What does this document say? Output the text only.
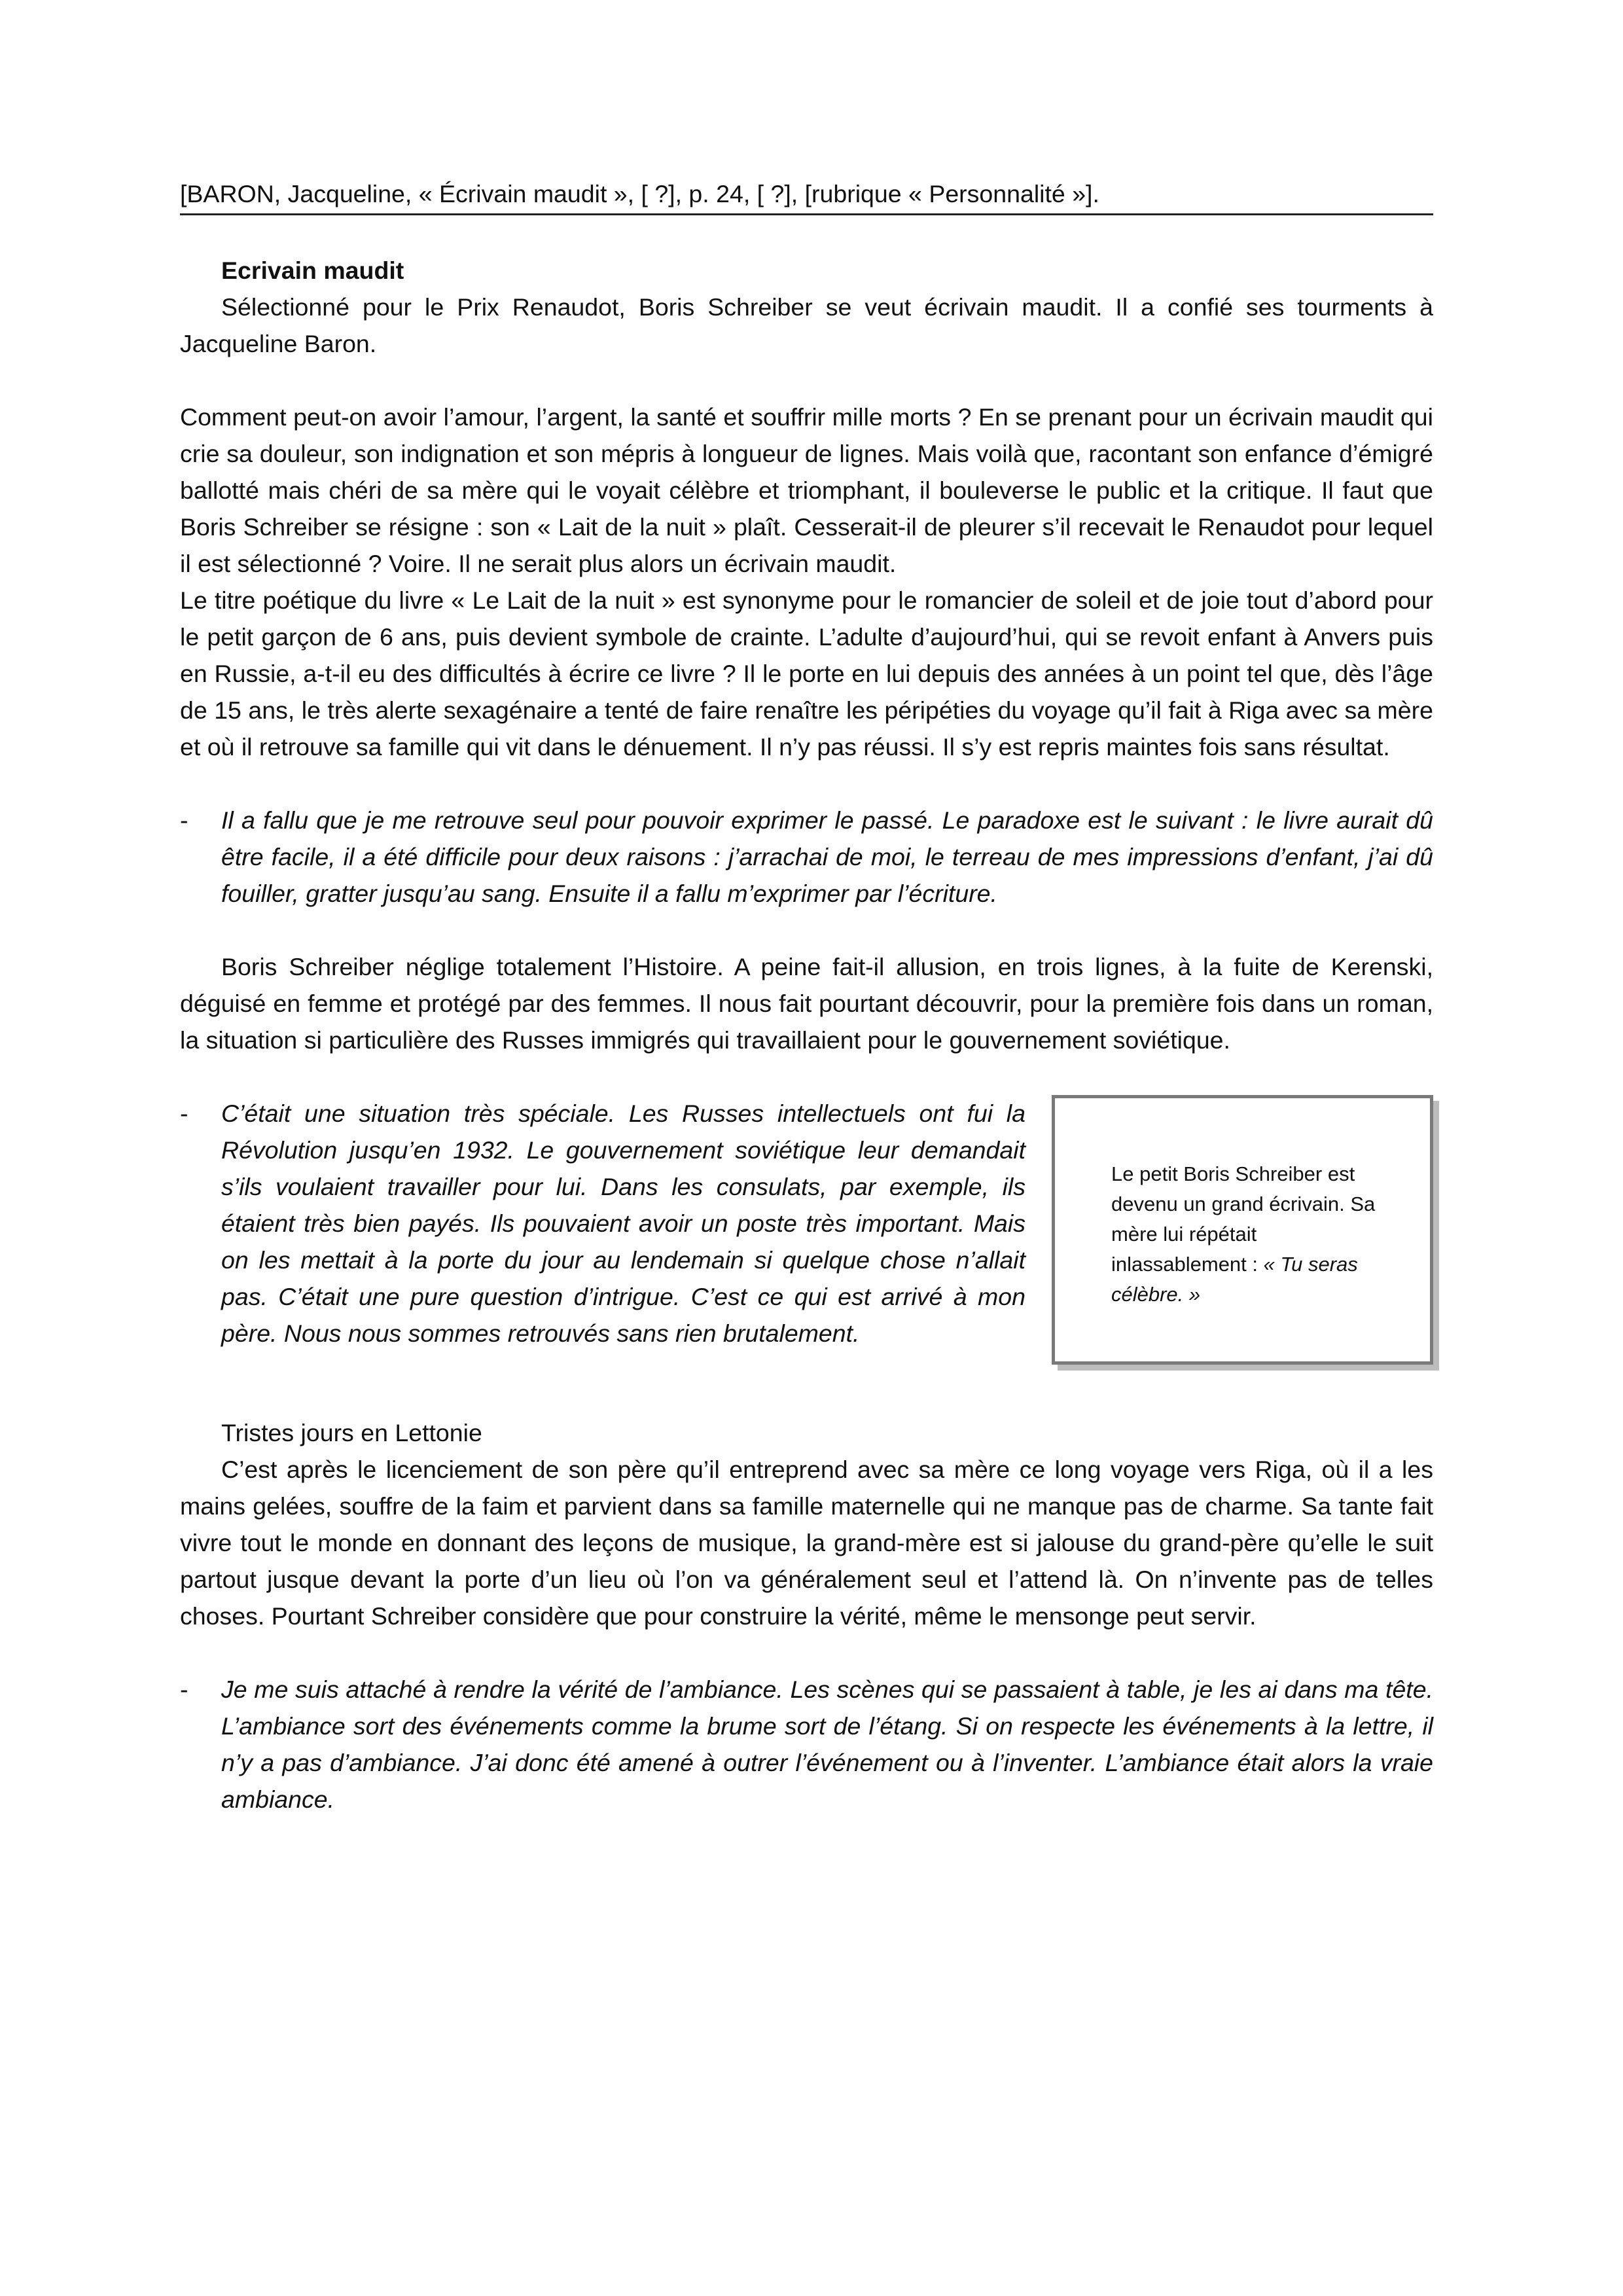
[BARON, Jacqueline, « Écrivain maudit », [ ?], p. 24, [ ?], [rubrique « Personnalité »].

Ecrivain maudit

Sélectionné pour le Prix Renaudot, Boris Schreiber se veut écrivain maudit. Il a confié ses tourments à Jacqueline Baron.

Comment peut-on avoir l’amour, l’argent, la santé et souffrir mille morts ? En se prenant pour un écrivain maudit qui crie sa douleur, son indignation et son mépris à longueur de lignes. Mais voilà que, racontant son enfance d’émigré ballotté mais chéri de sa mère qui le voyait célèbre et triomphant, il bouleverse le public et la critique. Il faut que Boris Schreiber se résigne : son « Lait de la nuit » plaît. Cesserait-il de pleurer s’il recevait le Renaudot pour lequel il est sélectionné ? Voire. Il ne serait plus alors un écrivain maudit.

Le titre poétique du livre « Le Lait de la nuit » est synonyme pour le romancier de soleil et de joie tout d’abord pour le petit garçon de 6 ans, puis devient symbole de crainte. L’adulte d’aujourd’hui, qui se revoit enfant à Anvers puis en Russie, a-t-il eu des difficultés à écrire ce livre ? Il le porte en lui depuis des années à un point tel que, dès l’âge de 15 ans, le très alerte sexagénaire a tenté de faire renaître les péripéties du voyage qu’il fait à Riga avec sa mère et où il retrouve sa famille qui vit dans le dénuement. Il n’y pas réussi. Il s’y est repris maintes fois sans résultat.

- Il a fallu que je me retrouve seul pour pouvoir exprimer le passé. Le paradoxe est le suivant : le livre aurait dû être facile, il a été difficile pour deux raisons : j’arrachai de moi, le terreau de mes impressions d’enfant, j’ai dû fouiller, gratter jusqu’au sang. Ensuite il a fallu m’exprimer par l’écriture.

Boris Schreiber néglige totalement l’Histoire. A peine fait-il allusion, en trois lignes, à la fuite de Kerenski, déguisé en femme et protégé par des femmes. Il nous fait pourtant découvrir, pour la première fois dans un roman, la situation si particulière des Russes immigrés qui travaillaient pour le gouvernement soviétique.

Le petit Boris Schreiber est devenu un grand écrivain. Sa mère lui répétait inlassablement : « Tu seras célèbre. »
- C’était une situation très spéciale. Les Russes intellectuels ont fui la Révolution jusqu’en 1932. Le gouvernement soviétique leur demandait s’ils voulaient travailler pour lui. Dans les consulats, par exemple, ils étaient très bien payés. Ils pouvaient avoir un poste très important. Mais on les mettait à la porte du jour au lendemain si quelque chose n’allait pas. C’était une pure question d’intrigue. C’est ce qui est arrivé à mon père. Nous nous sommes retrouvés sans rien brutalement.

Tristes jours en Lettonie

C’est après le licenciement de son père qu’il entreprend avec sa mère ce long voyage vers Riga, où il a les mains gelées, souffre de la faim et parvient dans sa famille maternelle qui ne manque pas de charme. Sa tante fait vivre tout le monde en donnant des leçons de musique, la grand-mère est si jalouse du grand-père qu’elle le suit partout jusque devant la porte d’un lieu où l’on va généralement seul et l’attend là. On n’invente pas de telles choses. Pourtant Schreiber considère que pour construire la vérité, même le mensonge peut servir.

- Je me suis attaché à rendre la vérité de l’ambiance. Les scènes qui se passaient à table, je les ai dans ma tête. L’ambiance sort des événements comme la brume sort de l’étang. Si on respecte les événements à la lettre, il n’y a pas d’ambiance. J’ai donc été amené à outrer l’événement ou à l’inventer. L’ambiance était alors la vraie ambiance.
